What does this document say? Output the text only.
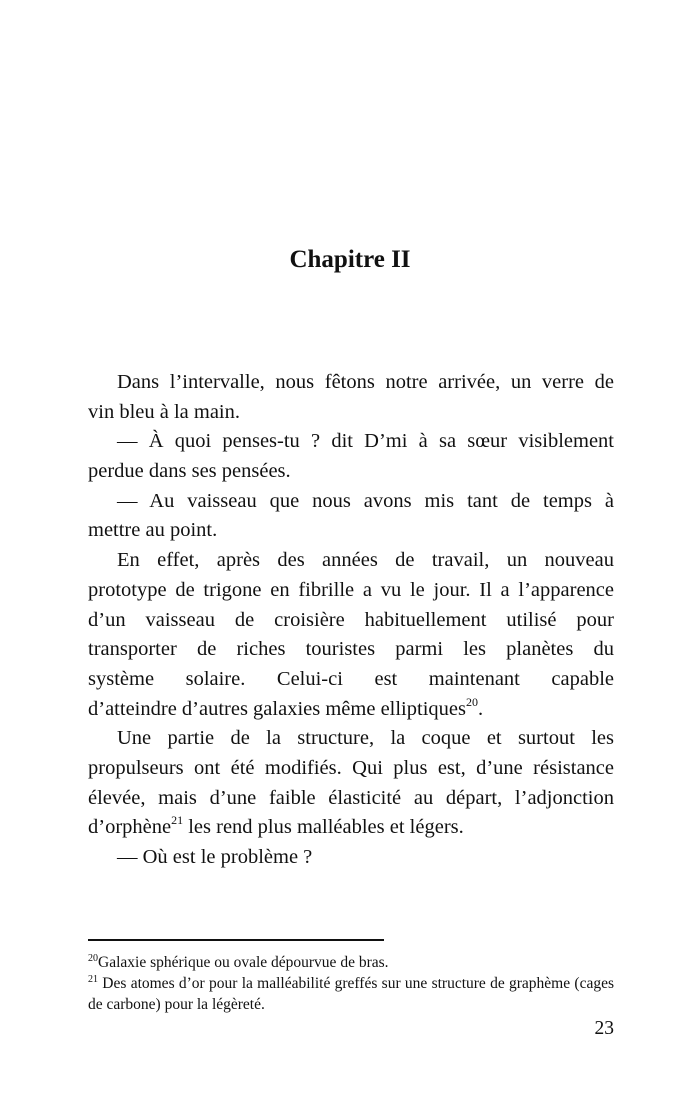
Chapitre II
Dans l’intervalle, nous fêtons notre arrivée, un verre de
vin bleu à la main.
— À quoi penses-tu ? dit D’mi à sa sœur visiblement
perdue dans ses pensées.
— Au vaisseau que nous avons mis tant de temps à
mettre au point.
En effet, après des années de travail, un nouveau
prototype de trigone en fibrille a vu le jour. Il a l’apparence
d’un vaisseau de croisière habituellement utilisé pour
transporter de riches touristes parmi les planètes du
système solaire. Celui-ci est maintenant capable
d’atteindre d’autres galaxies même elliptiques$^{20}$.
Une partie de la structure, la coque et surtout les
propulseurs ont été modifiés. Qui plus est, d’une résistance
élevée, mais d’une faible élasticité au départ, l’adjonction
d’orphène$^{21}$ les rend plus malléables et légers.
— Où est le problème ?
$^{20}$Galaxie sphérique ou ovale dépourvue de bras.
$^{21}$ Des atomes d’or pour la malléabilité greffés sur une structure de graphème (cages de carbone) pour la légèreté.
23
